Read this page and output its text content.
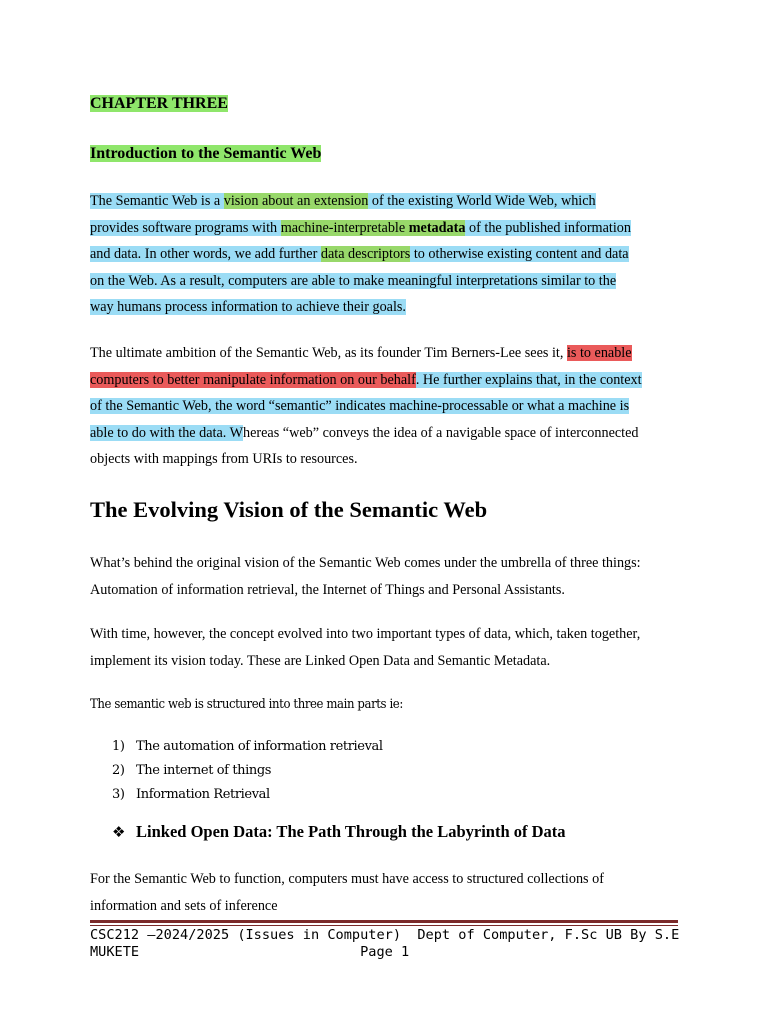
CHAPTER THREE
Introduction to the Semantic Web
The Semantic Web is a vision about an extension of the existing World Wide Web, which
provides software programs with machine-interpretable metadata of the published information
and data. In other words, we add further data descriptors to otherwise existing content and data
on the Web. As a result, computers are able to make meaningful interpretations similar to the
way humans process information to achieve their goals.
The ultimate ambition of the Semantic Web, as its founder Tim Berners-Lee sees it, is to enable
computers to better manipulate information on our behalf. He further explains that, in the context
of the Semantic Web, the word “semantic” indicates machine-processable or what a machine is
able to do with the data. Whereas “web” conveys the idea of a navigable space of interconnected
objects with mappings from URIs to resources.
The Evolving Vision of the Semantic Web
What’s behind the original vision of the Semantic Web comes under the umbrella of three things:
Automation of information retrieval, the Internet of Things and Personal Assistants.
With time, however, the concept evolved into two important types of data, which, taken together,
implement its vision today. These are Linked Open Data and Semantic Metadata.
The semantic web is structured into three main parts ie:
1) The automation of information retrieval
2) The internet of things
3) Information Retrieval
❖ Linked Open Data: The Path Through the Labyrinth of Data
For the Semantic Web to function, computers must have access to structured collections of
information and sets of inference
CSC212 –2024/2025 (Issues in Computer)  Dept of Computer, F.Sc UB By S.E
MUKETE                           Page 1
